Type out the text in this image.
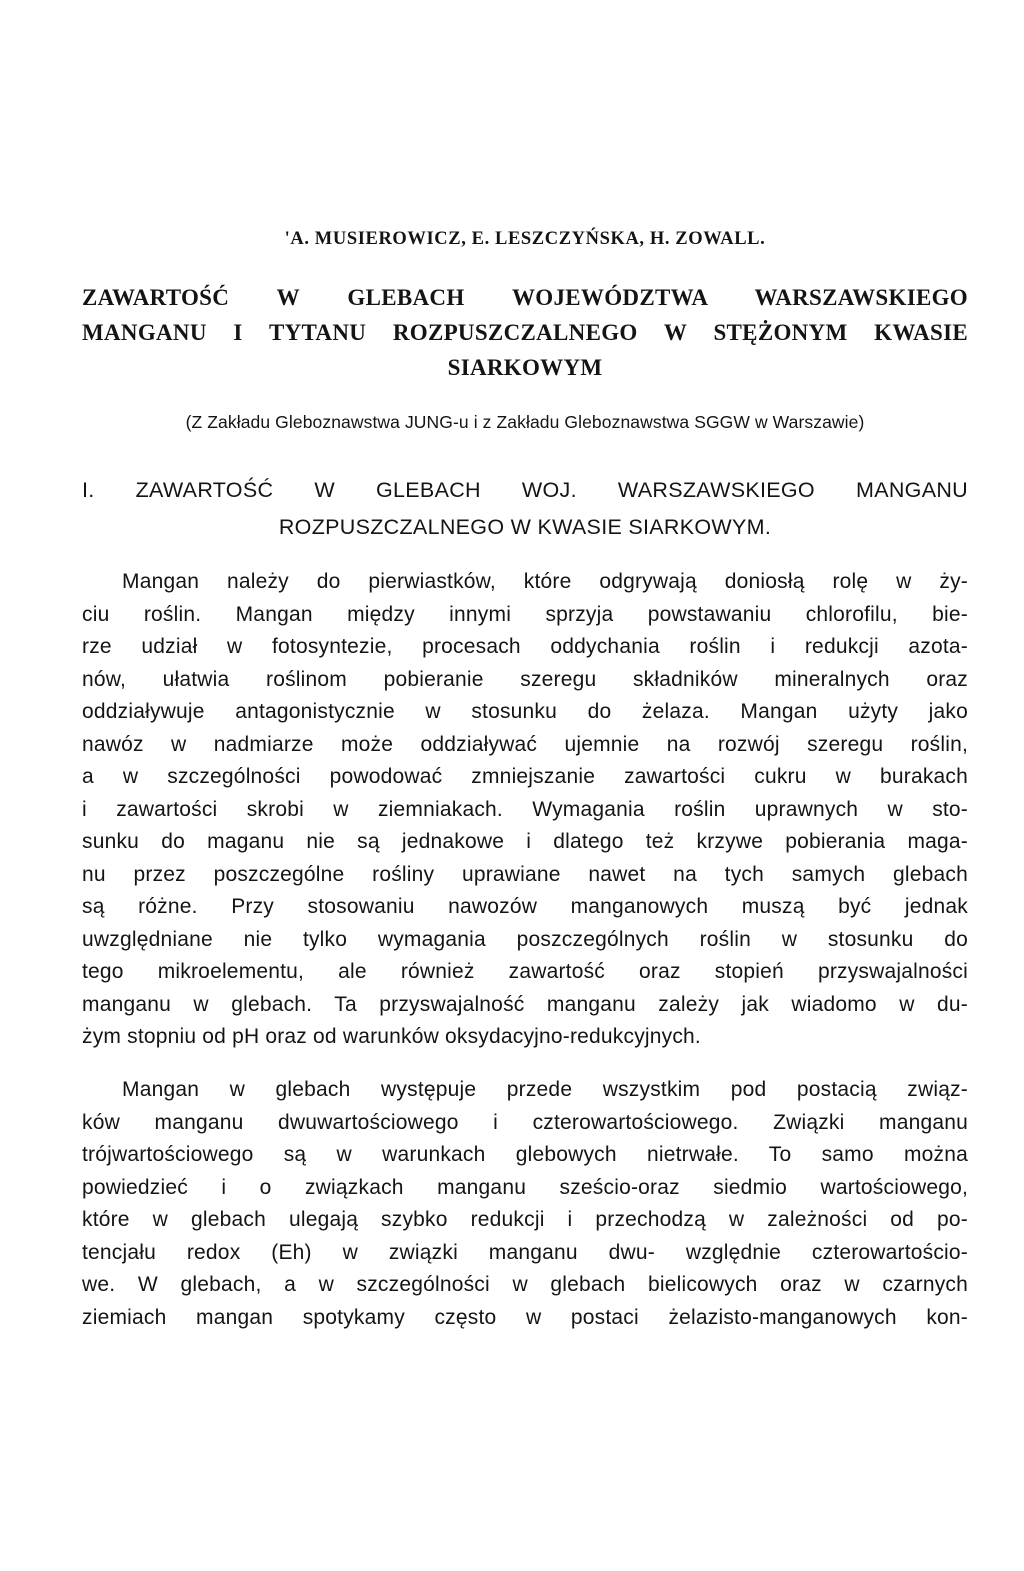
'A. MUSIEROWICZ, E. LESZCZYŃSKA, H. ZOWALL.
ZAWARTOŚĆ W GLEBACH WOJEWÓDZTWA WARSZAWSKIEGO
MANGANU I TYTANU ROZPUSZCZALNEGO W STĘŻONYM KWASIE
SIARKOWYM
(Z Zakładu Gleboznawstwa JUNG-u i z Zakładu Gleboznawstwa SGGW w Warszawie)
I. ZAWARTOŚĆ W GLEBACH WOJ. WARSZAWSKIEGO MANGANU
ROZPUSZCZALNEGO W KWASIE SIARKOWYM.
Mangan należy do pierwiastków, które odgrywają doniosłą rolę w ży-
ciu roślin. Mangan między innymi sprzyja powstawaniu chlorofilu, bie-
rze udział w fotosyntezie, procesach oddychania roślin i redukcji azota-
nów, ułatwia roślinom pobieranie szeregu składników mineralnych oraz
oddziaływuje antagonistycznie w stosunku do żelaza. Mangan użyty jako
nawóz w nadmiarze może oddziaływać ujemnie na rozwój szeregu roślin,
a w szczególności powodować zmniejszanie zawartości cukru w burakach
i zawartości skrobi w ziemniakach. Wymagania roślin uprawnych w sto-
sunku do maganu nie są jednakowe i dlatego też krzywe pobierania maga-
nu przez poszczególne rośliny uprawiane nawet na tych samych glebach
są różne. Przy stosowaniu nawozów manganowych muszą być jednak
uwzględniane nie tylko wymagania poszczególnych roślin w stosunku do
tego mikroelementu, ale również zawartość oraz stopień przyswajalności
manganu w glebach. Ta przyswajalność manganu zależy jak wiadomo w du-
żym stopniu od pH oraz od warunków oksydacyjno-redukcyjnych.
Mangan w glebach występuje przede wszystkim pod postacią związ-
ków manganu dwuwartościowego i czterowartościowego. Związki manganu
trójwartościowego są w warunkach glebowych nietrwałe. To samo można
powiedzieć i o związkach manganu sześcio-oraz siedmio wartościowego,
które w glebach ulegają szybko redukcji i przechodzą w zależności od po-
tencjału redox (Eh) w związki manganu dwu- względnie czterowartościo-
we. W glebach, a w szczególności w glebach bielicowych oraz w czarnych
ziemiach mangan spotykamy często w postaci żelazisto-manganowych kon-
